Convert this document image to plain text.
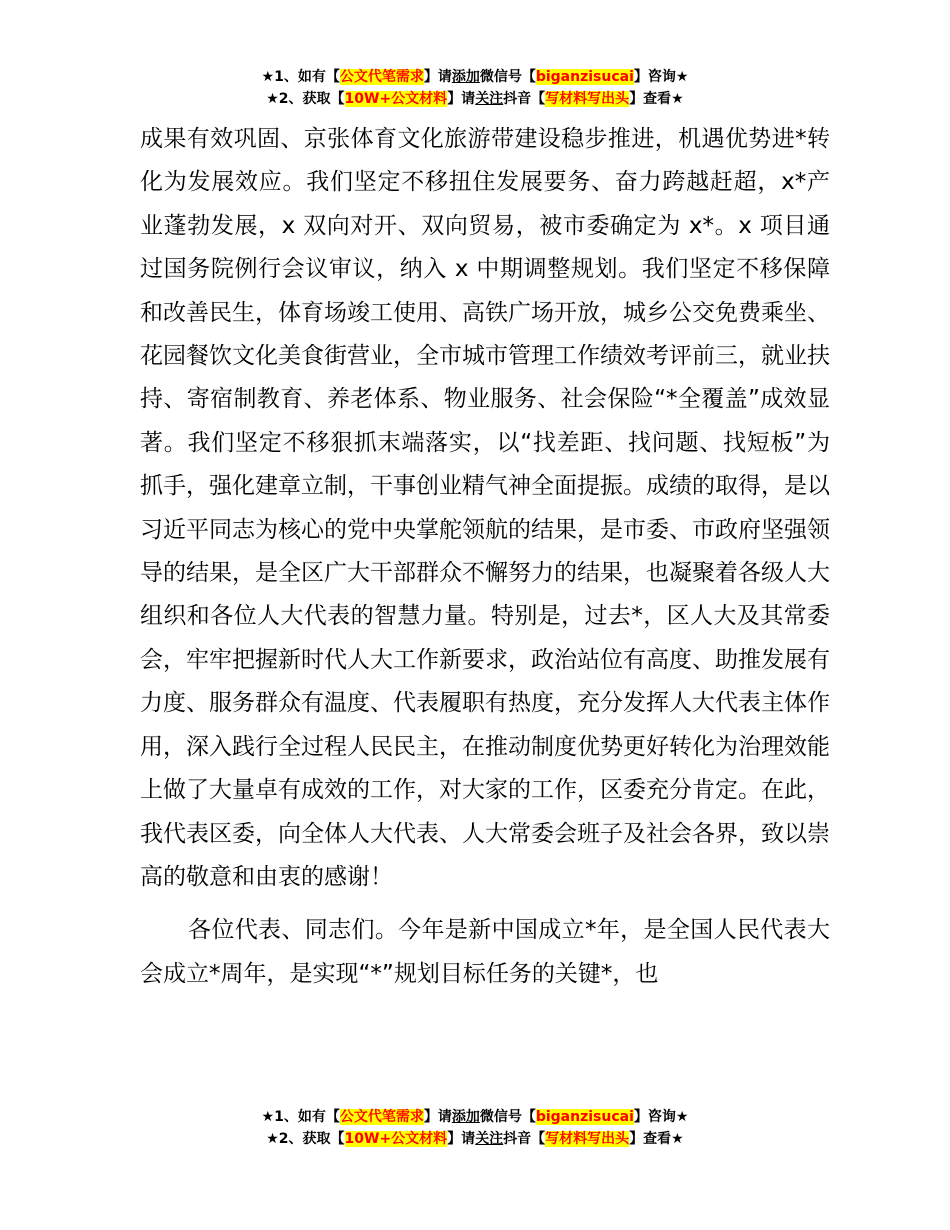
★1、如有【公文代笔需求】请添加微信号【biganzisucai】咨询★
★2、获取【10W+公文材料】请关注抖音【写材料写出头】查看★

成果有效巩固、京张体育文化旅游带建设稳步推进，机遇优势进*转化为发展效应。我们坚定不移扭住发展要务、奋力跨越赶超，x*产业蓬勃发展，x 双向对开、双向贸易，被市委确定为 x*。x 项目通过国务院例行会议审议，纳入 x 中期调整规划。我们坚定不移保障和改善民生，体育场竣工使用、高铁广场开放，城乡公交免费乘坐、花园餐饮文化美食街营业，全市城市管理工作绩效考评前三，就业扶持、寄宿制教育、养老体系、物业服务、社会保险“*全覆盖”成效显著。我们坚定不移狠抓末端落实，以“找差距、找问题、找短板”为抓手，强化建章立制，干事创业精气神全面提振。成绩的取得，是以习近平同志为核心的党中央掌舵领航的结果，是市委、市政府坚强领导的结果，是全区广大干部群众不懈努力的结果，也凝聚着各级人大组织和各位人大代表的智慧力量。特别是，过去*，区人大及其常委会，牢牢把握新时代人大工作新要求，政治站位有高度、助推发展有力度、服务群众有温度、代表履职有热度，充分发挥人大代表主体作用，深入践行全过程人民民主，在推动制度优势更好转化为治理效能上做了大量卓有成效的工作，对大家的工作，区委充分肯定。在此，我代表区委，向全体人大代表、人大常委会班子及社会各界，致以崇高的敬意和由衷的感谢！

各位代表、同志们。今年是新中国成立*年，是全国人民代表大会成立*周年，是实现“*”规划目标任务的关键*，也

★1、如有【公文代笔需求】请添加微信号【biganzisucai】咨询★
★2、获取【10W+公文材料】请关注抖音【写材料写出头】查看★
